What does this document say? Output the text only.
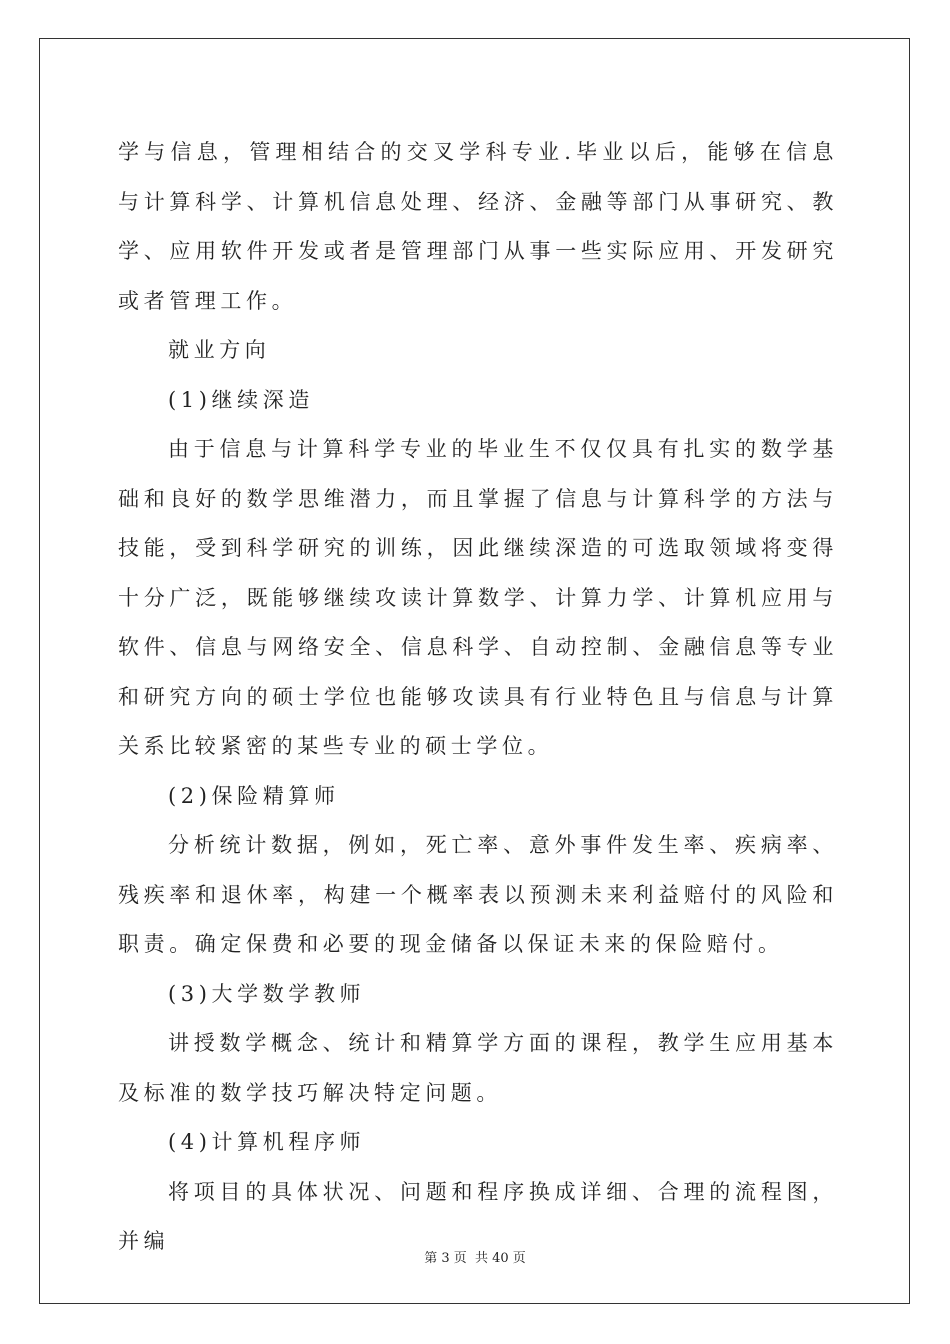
学与信息，管理相结合的交叉学科专业.毕业以后，能够在信息与计算科学、计算机信息处理、经济、金融等部门从事研究、教学、应用软件开发或者是管理部门从事一些实际应用、开发研究或者管理工作。

就业方向

(1)继续深造

由于信息与计算科学专业的毕业生不仅仅具有扎实的数学基础和良好的数学思维潜力，而且掌握了信息与计算科学的方法与技能，受到科学研究的训练，因此继续深造的可选取领域将变得十分广泛，既能够继续攻读计算数学、计算力学、计算机应用与软件、信息与网络安全、信息科学、自动控制、金融信息等专业和研究方向的硕士学位也能够攻读具有行业特色且与信息与计算关系比较紧密的某些专业的硕士学位。

(2)保险精算师

分析统计数据，例如，死亡率、意外事件发生率、疾病率、残疾率和退休率，构建一个概率表以预测未来利益赔付的风险和职责。确定保费和必要的现金储备以保证未来的保险赔付。

(3)大学数学教师

讲授数学概念、统计和精算学方面的课程，教学生应用基本及标准的数学技巧解决特定问题。

(4)计算机程序师

将项目的具体状况、问题和程序换成详细、合理的流程图，并编

第 3 页 共 40 页
